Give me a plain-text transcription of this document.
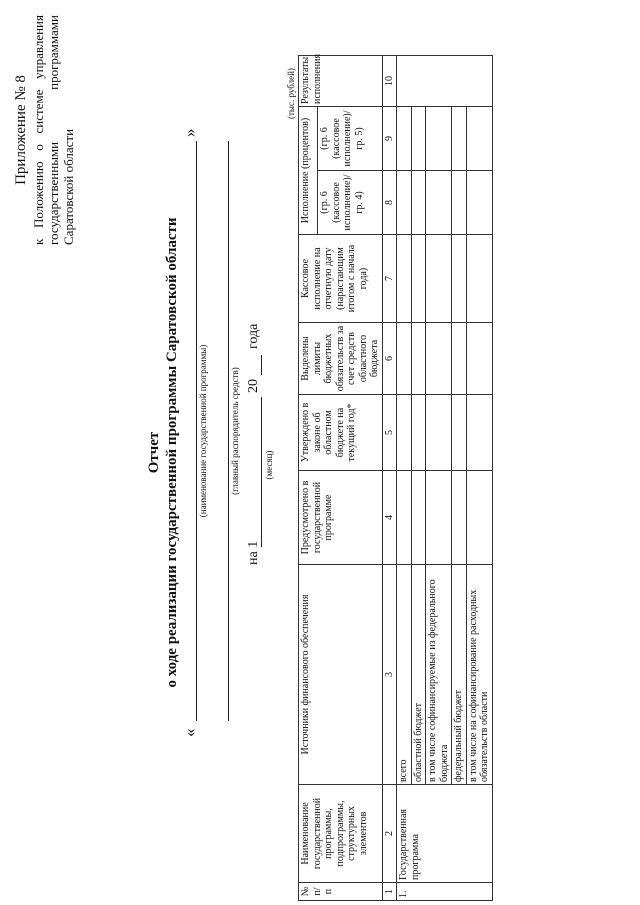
Приложение № 8 к Положению о системе управления государственными программами Саратовской области
Отчет о ходе реализации государственной программы Саратовской области
«
»
(наименование государственной программы) (главный распорядитель средств)
на 1
20
года
(месяц)
(тыс. рублей)
№ п/п	Наименование государственной программы, подпрограммы, структурных элементов	Источники финансового обеспечения	Предусмотрено в государственной программе	Утверждено в законе об областном бюджете на текущий год*	Выделены лимиты бюджетных обязательств за счет средств областного бюджета	Кассовое исполнение на отчетную дату (нарастающим итогом с начала года)	Исполнение (процентов)		Результаты исполнения
							(гр. 6 (кассовое исполнение)/ гр. 4)	(гр. 6 (кассовое исполнение)/ гр. 5)	
1	2	3	4	5	6	7	8	9	10
1.	Государственная программа	всего							
		областной бюджет							
		в том числе софинансируемые из федерального бюджета							
		федеральный бюджет							
		в том числе на софинансирование расходных обязательств области							
